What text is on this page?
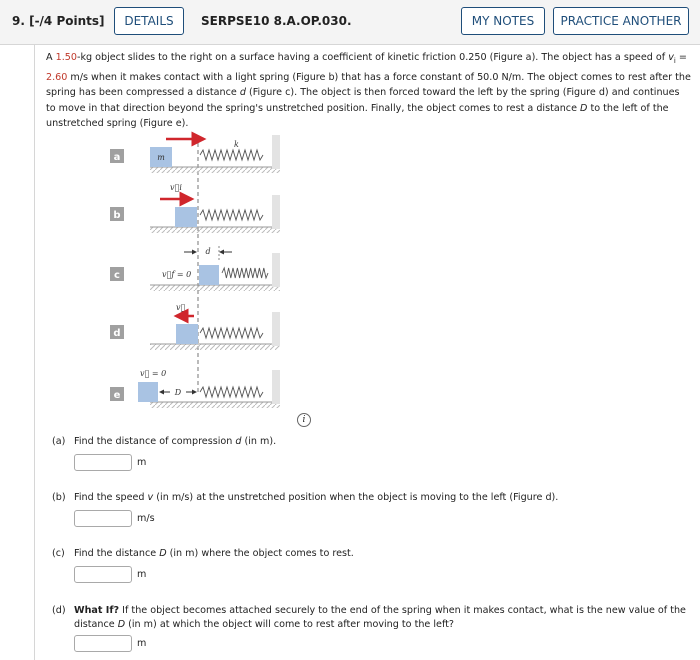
9. [-/4 Points]	DETAILS	SERPSE10 8.A.OP.030.	MY NOTES	PRACTICE ANOTHER
A 1.50-kg object slides to the right on a surface having a coefficient of kinetic friction 0.250 (Figure a). The object has a speed of $v_i = 2.60$ m/s when it makes contact with a light spring (Figure b) that has a force constant of 50.0 N/m. The object comes to rest after the spring has been compressed a distance d (Figure c). The object is then forced toward the left by the spring (Figure d) and continues to move in that direction beyond the spring's unstretched position. Finally, the object comes to rest a distance D to the left of the unstretched spring (Figure e).
a	m
k
b
v⃗i
c
d
v⃗f = 0
d
v⃗
e
v⃗ = 0
D
i
(a) Find the distance of compression d (in m).
m
(b) Find the speed v (in m/s) at the unstretched position when the object is moving to the left (Figure d).
m/s
(c) Find the distance D (in m) where the object comes to rest.
m
(d) What If? If the object becomes attached securely to the end of the spring when it makes contact, what is the new value of the distance D (in m) at which the object will come to rest after moving to the left?
m
